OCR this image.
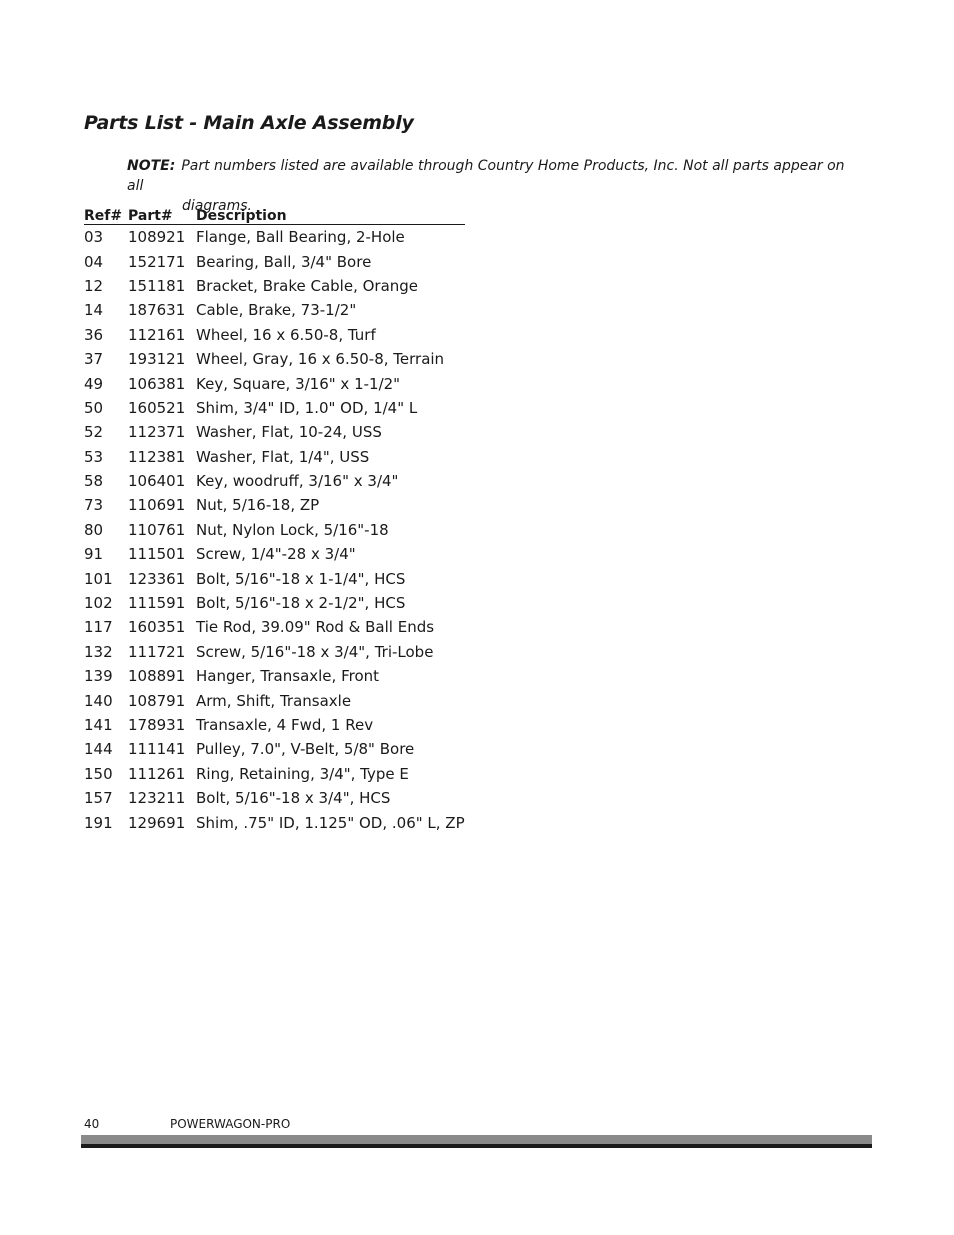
Parts List - Main Axle Assembly
NOTE: Part numbers listed are available through Country Home Products, Inc. Not all parts appear on all
diagrams.
Ref#	Part#	Description
03	108921	Flange, Ball Bearing, 2-Hole
04	152171	Bearing, Ball, 3/4" Bore
12	151181	Bracket, Brake Cable, Orange
14	187631	Cable, Brake, 73-1/2"
36	112161	Wheel, 16 x 6.50-8, Turf
37	193121	Wheel, Gray, 16 x 6.50-8, Terrain
49	106381	Key, Square, 3/16" x 1-1/2"
50	160521	Shim, 3/4" ID, 1.0" OD, 1/4" L
52	112371	Washer, Flat, 10-24, USS
53	112381	Washer, Flat, 1/4", USS
58	106401	Key, woodruff, 3/16" x 3/4"
73	110691	Nut, 5/16-18, ZP
80	110761	Nut, Nylon Lock, 5/16"-18
91	111501	Screw, 1/4"-28 x 3/4"
101	123361	Bolt, 5/16"-18 x 1-1/4", HCS
102	111591	Bolt, 5/16"-18 x 2-1/2", HCS
117	160351	Tie Rod, 39.09" Rod & Ball Ends
132	111721	Screw, 5/16"-18 x 3/4", Tri-Lobe
139	108891	Hanger, Transaxle, Front
140	108791	Arm, Shift, Transaxle
141	178931	Transaxle, 4 Fwd, 1 Rev
144	111141	Pulley, 7.0", V-Belt, 5/8" Bore
150	111261	Ring, Retaining, 3/4", Type E
157	123211	Bolt, 5/16"-18 x 3/4", HCS
191	129691	Shim, .75" ID, 1.125" OD, .06" L, ZP
40	POWERWAGON-PRO
